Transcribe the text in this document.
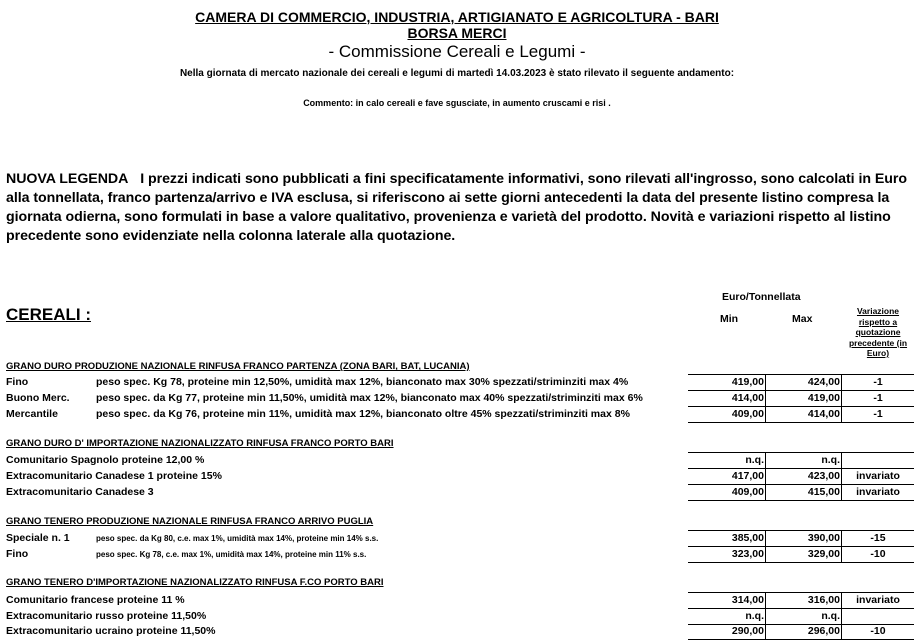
CAMERA DI COMMERCIO, INDUSTRIA, ARTIGIANATO E AGRICOLTURA - BARI
BORSA MERCI
- Commissione Cereali e Legumi -
Nella giornata di mercato nazionale dei cereali e legumi di martedì 14.03.2023 è stato rilevato il seguente andamento:
Commento: in calo cereali e fave sgusciate, in aumento cruscami e risi .
NUOVA LEGENDA I prezzi indicati sono pubblicati a fini specificatamente informativi, sono rilevati all'ingrosso, sono calcolati in Euro alla tonnellata, franco partenza/arrivo e IVA esclusa, si riferiscono ai sette giorni antecedenti la data del presente listino compresa la giornata odierna, sono formulati in base a valore qualitativo, provenienza e varietà del prodotto. Novità e variazioni rispetto al listino precedente sono evidenziate nella colonna laterale alla quotazione.
CEREALI :
Euro/Tonnellata
Min	Max
Variazione rispetto a quotazione precedente (in Euro)
GRANO DURO PRODUZIONE NAZIONALE RINFUSA FRANCO PARTENZA (ZONA BARI, BAT, LUCANIA)
Fino	peso spec. Kg 78, proteine min 12,50%, umidità max 12%, bianconato max 30% spezzati/striminziti max 4%	419,00	424,00	-1
Buono Merc.	peso spec. da Kg 77, proteine min 11,50%, umidità max 12%, bianconato max 40% spezzati/striminziti max 6%	414,00	419,00	-1
Mercantile	peso spec. da Kg 76, proteine min 11%, umidità max 12%, bianconato oltre 45% spezzati/striminziti max 8%	409,00	414,00	-1
GRANO DURO D' IMPORTAZIONE NAZIONALIZZATO RINFUSA FRANCO PORTO BARI
Comunitario Spagnolo proteine 12,00 %	n.q.	n.q.
Extracomunitario Canadese 1 proteine 15%	417,00	423,00	invariato
Extracomunitario Canadese 3	409,00	415,00	invariato
GRANO TENERO PRODUZIONE NAZIONALE RINFUSA FRANCO ARRIVO PUGLIA
Speciale n. 1	peso spec. da Kg 80, c.e. max 1%, umidità max 14%, proteine min 14% s.s.	385,00	390,00	-15
Fino	peso spec. Kg 78, c.e. max 1%, umidità max 14%, proteine min 11% s.s.	323,00	329,00	-10
GRANO TENERO D'IMPORTAZIONE NAZIONALIZZATO RINFUSA F.CO PORTO BARI
Comunitario francese proteine 11 %	314,00	316,00	invariato
Extracomunitario russo proteine 11,50%	n.q.	n.q.
Extracomunitario ucraino proteine 11,50%	290,00	296,00	-10
